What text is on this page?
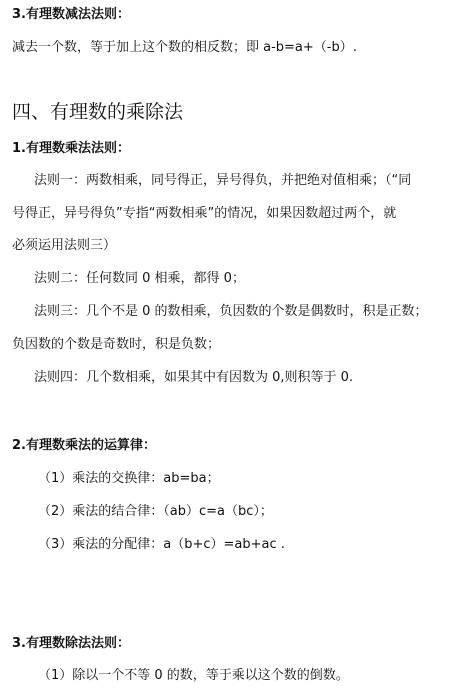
3.有理数减法法则：
减去一个数，等于加上这个数的相反数；即 a-b=a+（-b）.
四、有理数的乘除法
1.有理数乘法法则：
法则一：两数相乘，同号得正，异号得负，并把绝对值相乘；（“同
号得正，异号得负”专指“两数相乘”的情况，如果因数超过两个，就
必须运用法则三）
法则二：任何数同 0 相乘，都得 0；
法则三：几个不是 0 的数相乘，负因数的个数是偶数时，积是正数；
负因数的个数是奇数时，积是负数；
法则四：几个数相乘，如果其中有因数为 0,则积等于 0.
2.有理数乘法的运算律：
（1）乘法的交换律：ab=ba；
（2）乘法的结合律：（ab）c=a（bc）；
（3）乘法的分配律：a（b+c）=ab+ac .
3.有理数除法法则：
（1）除以一个不等 0 的数，等于乘以这个数的倒数。
